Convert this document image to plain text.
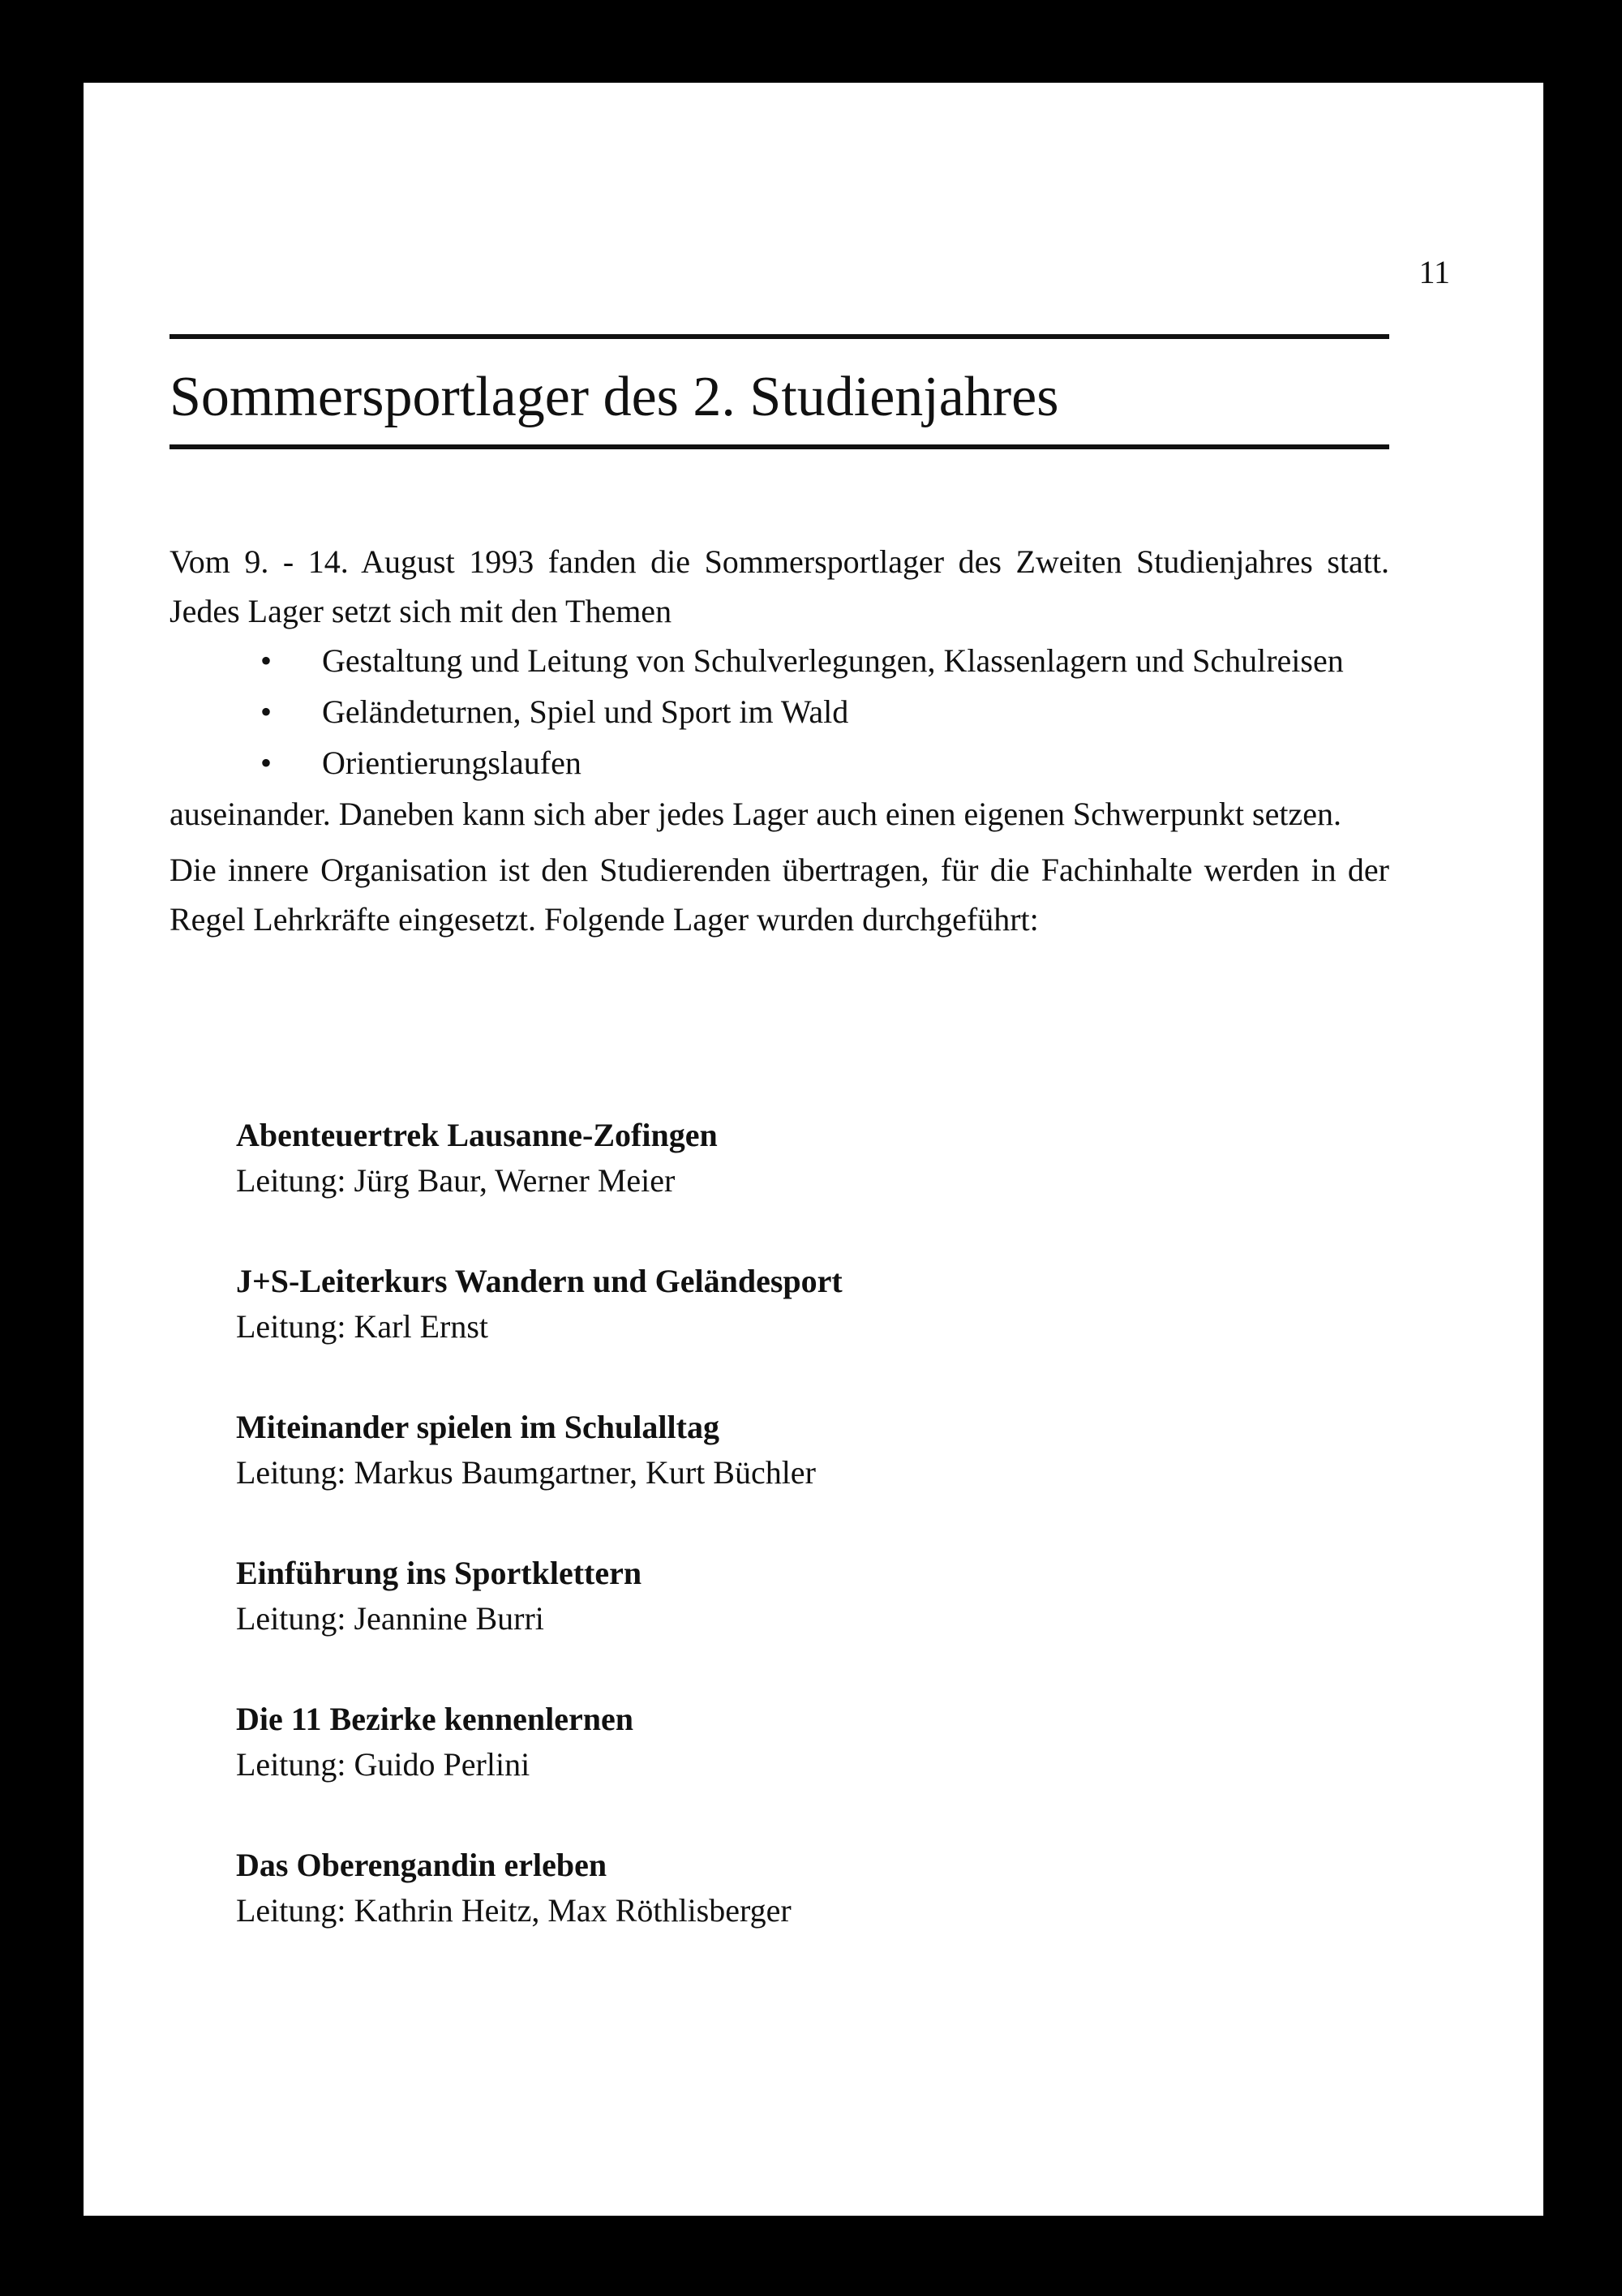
11
Sommersportlager des 2. Studienjahres

Vom 9. - 14. August 1993 fanden die Sommersportlager des Zweiten Studienjahres statt. Jedes Lager setzt sich mit den Themen

• Gestaltung und Leitung von Schulverlegungen, Klassenlagern und Schulreisen
• Geländeturnen, Spiel und Sport im Wald
• Orientierungslaufen

auseinander. Daneben kann sich aber jedes Lager auch einen eigenen Schwerpunkt setzen.

Die innere Organisation ist den Studierenden übertragen, für die Fachinhalte werden in der Regel Lehrkräfte eingesetzt. Folgende Lager wurden durchgeführt:

Abenteuertrek Lausanne-Zofingen
Leitung: Jürg Baur, Werner Meier
J+S-Leiterkurs Wandern und Geländesport
Leitung: Karl Ernst
Miteinander spielen im Schulalltag
Leitung: Markus Baumgartner, Kurt Büchler
Einführung ins Sportklettern
Leitung: Jeannine Burri
Die 11 Bezirke kennenlernen
Leitung: Guido Perlini
Das Oberengandin erleben
Leitung: Kathrin Heitz, Max Röthlisberger
